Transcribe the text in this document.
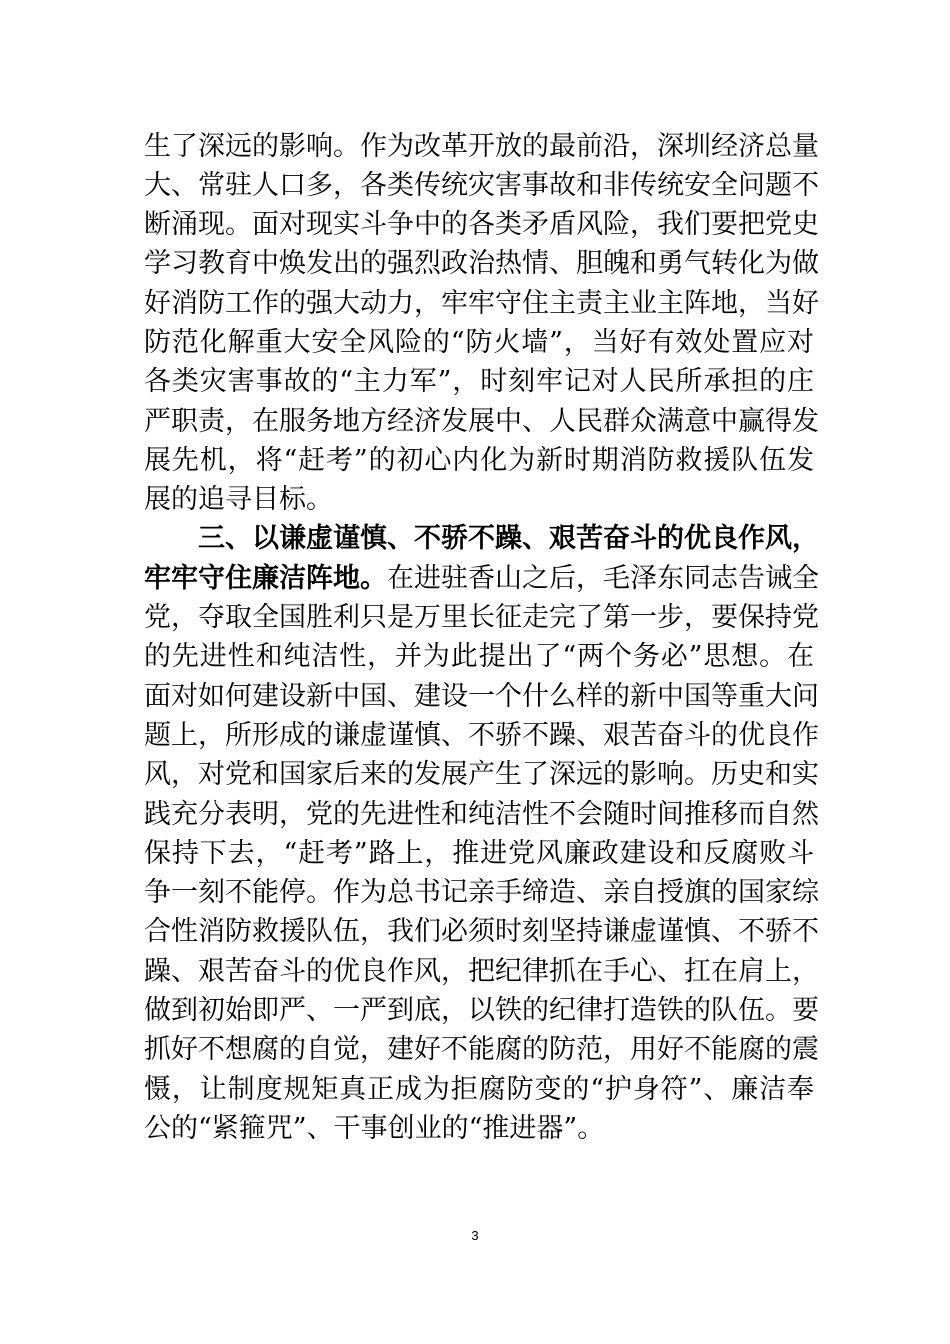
生了深远的影响。作为改革开放的最前沿，深圳经济总量
大、常驻人口多，各类传统灾害事故和非传统安全问题不
断涌现。面对现实斗争中的各类矛盾风险，我们要把党史
学习教育中焕发出的强烈政治热情、胆魄和勇气转化为做
好消防工作的强大动力，牢牢守住主责主业主阵地，当好
防范化解重大安全风险的“防火墙”，当好有效处置应对
各类灾害事故的“主力军”，时刻牢记对人民所承担的庄
严职责，在服务地方经济发展中、人民群众满意中赢得发
展先机，将“赶考”的初心内化为新时期消防救援队伍发
展的追寻目标。
三、以谦虚谨慎、不骄不躁、艰苦奋斗的优良作风，
牢牢守住廉洁阵地。在进驻香山之后，毛泽东同志告诫全
党，夺取全国胜利只是万里长征走完了第一步，要保持党
的先进性和纯洁性，并为此提出了“两个务必”思想。在
面对如何建设新中国、建设一个什么样的新中国等重大问
题上，所形成的谦虚谨慎、不骄不躁、艰苦奋斗的优良作
风，对党和国家后来的发展产生了深远的影响。历史和实
践充分表明，党的先进性和纯洁性不会随时间推移而自然
保持下去，“赶考”路上，推进党风廉政建设和反腐败斗
争一刻不能停。作为总书记亲手缔造、亲自授旗的国家综
合性消防救援队伍，我们必须时刻坚持谦虚谨慎、不骄不
躁、艰苦奋斗的优良作风，把纪律抓在手心、扛在肩上，
做到初始即严、一严到底，以铁的纪律打造铁的队伍。要
抓好不想腐的自觉，建好不能腐的防范，用好不能腐的震
慑，让制度规矩真正成为拒腐防变的“护身符”、廉洁奉
公的“紧箍咒”、干事创业的“推进器”。
3
